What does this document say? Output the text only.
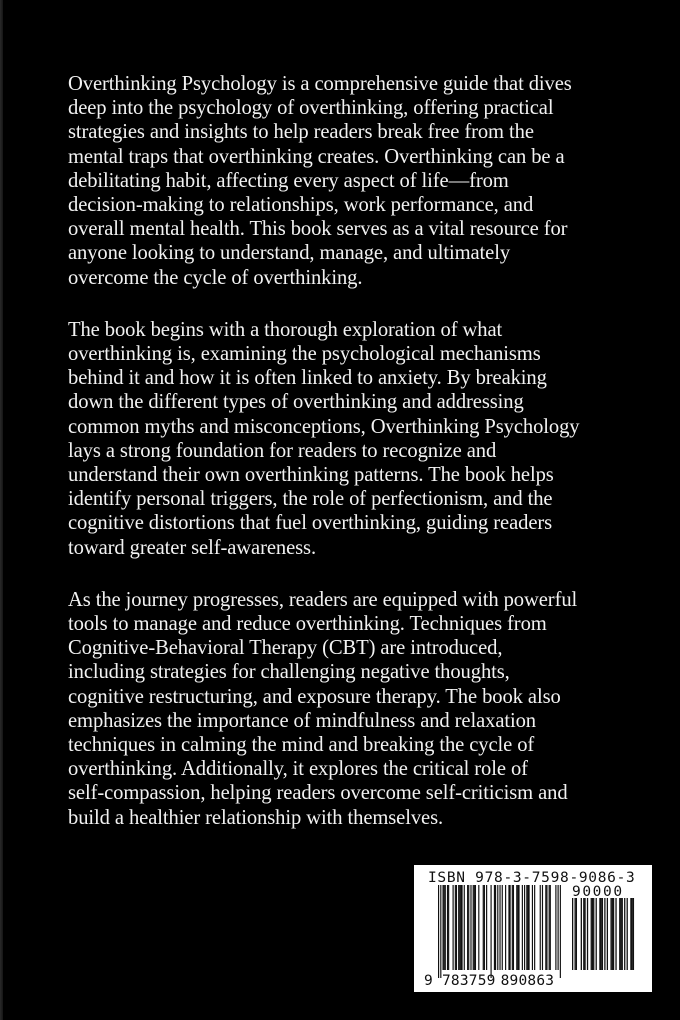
Overthinking Psychology is a comprehensive guide that dives
deep into the psychology of overthinking, offering practical
strategies and insights to help readers break free from the
mental traps that overthinking creates. Overthinking can be a
debilitating habit, affecting every aspect of life—from
decision-making to relationships, work performance, and
overall mental health. This book serves as a vital resource for
anyone looking to understand, manage, and ultimately
overcome the cycle of overthinking.

The book begins with a thorough exploration of what
overthinking is, examining the psychological mechanisms
behind it and how it is often linked to anxiety. By breaking
down the different types of overthinking and addressing
common myths and misconceptions, Overthinking Psychology
lays a strong foundation for readers to recognize and
understand their own overthinking patterns. The book helps
identify personal triggers, the role of perfectionism, and the
cognitive distortions that fuel overthinking, guiding readers
toward greater self-awareness.

As the journey progresses, readers are equipped with powerful
tools to manage and reduce overthinking. Techniques from
Cognitive-Behavioral Therapy (CBT) are introduced,
including strategies for challenging negative thoughts,
cognitive restructuring, and exposure therapy. The book also
emphasizes the importance of mindfulness and relaxation
techniques in calming the mind and breaking the cycle of
overthinking. Additionally, it explores the critical role of
self-compassion, helping readers overcome self-criticism and
build a healthier relationship with themselves.

ISBN 978-3-7598-9086-3
90000
9 783759 890863
